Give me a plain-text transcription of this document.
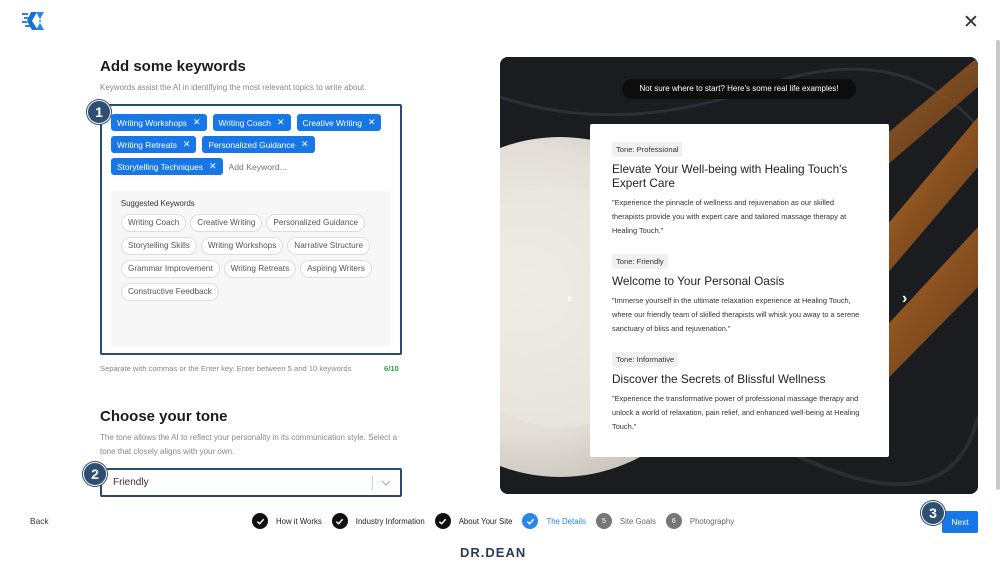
✕
Add some keywords
Keywords assist the AI in identifying the most relevant topics to write about.
Writing Workshops ✕ Writing Coach ✕ Creative Writing ✕
Writing Retreats ✕ Personalized Guidance ✕
Storytelling Techniques ✕
Add Keyword...
Suggested Keywords
Writing Coach	Creative Writing	Personalized Guidance
Storytelling Skills	Writing Workshops	Narrative Structure
Grammar Improvement	Writing Retreats	Aspiring Writers
Constructive Feedback
1
Separate with commas or the Enter key. Enter between 5 and 10 keywords	6/10
Choose your tone
The tone allows the AI to reflect your personality in its communication style. Select a tone that closely aligns with your own.
Friendly
2
Not sure where to start? Here's some real life examples!
Tone: Professional
Elevate Your Well-being with Healing Touch's Expert Care
"Experience the pinnacle of wellness and rejuvenation as our skilled therapists provide you with expert care and tailored massage therapy at Healing Touch."
Tone: Friendly
Welcome to Your Personal Oasis
"Immerse yourself in the ultimate relaxation experience at Healing Touch, where our friendly team of skilled therapists will whisk you away to a serene sanctuary of bliss and rejuvenation."
Tone: Informative
Discover the Secrets of Blissful Wellness
"Experience the transformative power of professional massage therapy and unlock a world of relaxation, pain relief, and enhanced well-being at Healing Touch."
‹	›
Back	How it Works	Industry Information	About Your Site	The Details	5	Site Goals	6	Photography	Next
3
DR.DEAN
